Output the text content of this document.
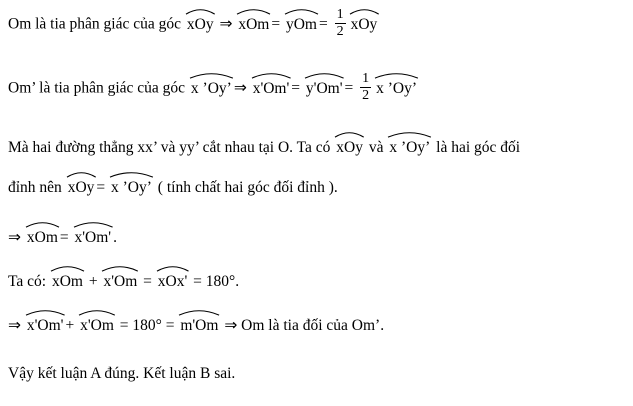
Om là tia phân giác của góc
xOy ⇒
xOm =
yOm = $\frac{1}{2}$ xOy
Om’ là tia phân giác của góc
x ’Oy’ ⇒
x'Om' =
$y'Om' = \frac{1}{2}$ x ’Oy’
Mà hai đường thẳng xx’ và yy’ cắt nhau tại O. Ta có
xOy và
x ’Oy’ là hai góc đối
đỉnh nên
xOy =
x ’Oy’ ( tính chất hai góc đối đỉnh ).
⇒
xOm =
x'Om' .
Ta có:
xOm +
x'Om =
xOx' = 180°.
⇒
x'Om' +
x'Om = 180° =
m'Om ⇒ Om là tia đối của Om’.
Vậy kết luận A đúng. Kết luận B sai.
